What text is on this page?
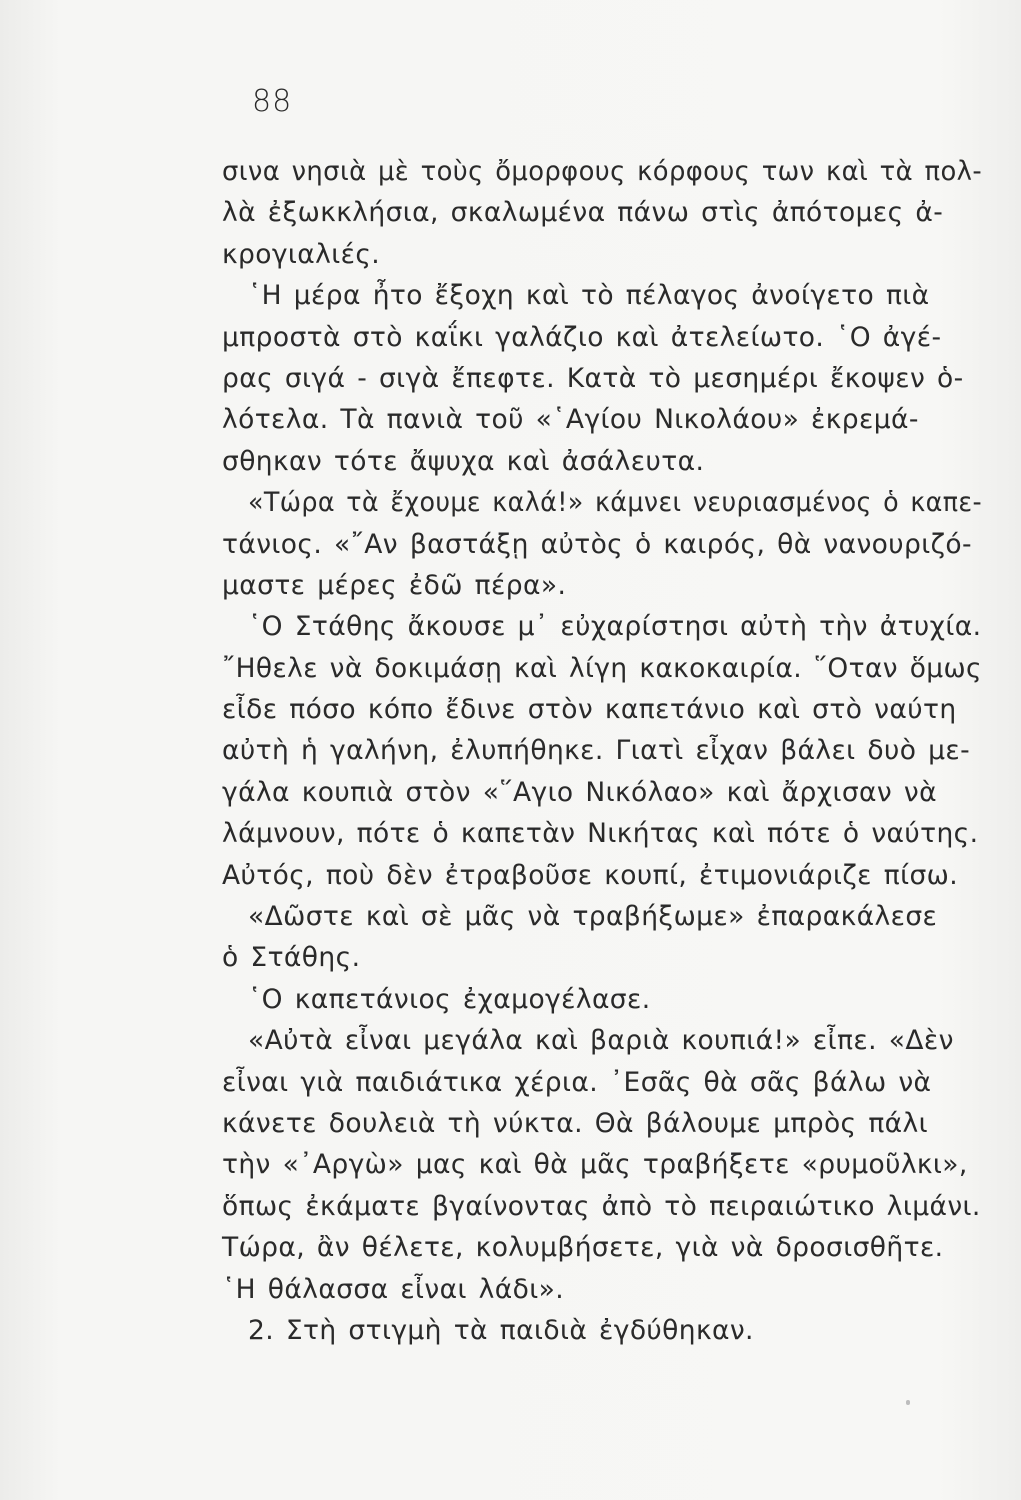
88
σινα νησιὰ μὲ τοὺς ὄμορφους κόρφους των καὶ τὰ πολ-
λὰ ἐξωκκλήσια, σκαλωμένα πάνω στὶς ἀπότομες ἀ-
κρογιαλιές.
῾Η μέρα ἦτο ἔξοχη καὶ τὸ πέλαγος ἀνοίγετο πιὰ
μπροστὰ στὸ καΐκι γαλάζιο καὶ ἀτελείωτο. ῾Ο ἀγέ-
ρας σιγά - σιγὰ ἔπεφτε. Κατὰ τὸ μεσημέρι ἔκοψεν ὁ-
λότελα. Τὰ πανιὰ τοῦ «῾Αγίου Νικολάου» ἐκρεμά-
σθηκαν τότε ἄψυχα καὶ ἀσάλευτα.
«Τώρα τὰ ἔχουμε καλά!» κάμνει νευριασμένος ὁ καπε-
τάνιος. «῎Αν βαστάξῃ αὐτὸς ὁ καιρός, θὰ νανουριζό-
μαστε μέρες ἐδῶ πέρα».
῾Ο Στάθης ἄκουσε μ᾿ εὐχαρίστησι αὐτὴ τὴν ἀτυχία.
῎Ηθελε νὰ δοκιμάσῃ καὶ λίγη κακοκαιρία. ῞Οταν ὅμως
εἶδε πόσο κόπο ἔδινε στὸν καπετάνιο καὶ στὸ ναύτη
αὐτὴ ἡ γαλήνη, ἐλυπήθηκε. Γιατὶ εἶχαν βάλει δυὸ με-
γάλα κουπιὰ στὸν «῞Αγιο Νικόλαο» καὶ ἄρχισαν νὰ
λάμνουν, πότε ὁ καπετὰν Νικήτας καὶ πότε ὁ ναύτης.
Αὐτός, ποὺ δὲν ἐτραβοῦσε κουπί, ἐτιμονιάριζε πίσω.
«Δῶστε καὶ σὲ μᾶς νὰ τραβήξωμε» ἐπαρακάλεσε
ὁ Στάθης.
῾Ο καπετάνιος ἐχαμογέλασε.
«Αὐτὰ εἶναι μεγάλα καὶ βαριὰ κουπιά!» εἶπε. «Δὲν
εἶναι γιὰ παιδιάτικα χέρια. ᾿Εσᾶς θὰ σᾶς βάλω νὰ
κάνετε δουλειὰ τὴ νύκτα. Θὰ βάλουμε μπρὸς πάλι
τὴν «᾿Αργὼ» μας καὶ θὰ μᾶς τραβήξετε «ρυμοῦλκι»,
ὅπως ἐκάματε βγαίνοντας ἀπὸ τὸ πειραιώτικο λιμάνι.
Τώρα, ἂν θέλετε, κολυμβήσετε, γιὰ νὰ δροσισθῆτε.
῾Η θάλασσα εἶναι λάδι».
2. Στὴ στιγμὴ τὰ παιδιὰ ἐγδύθηκαν.
